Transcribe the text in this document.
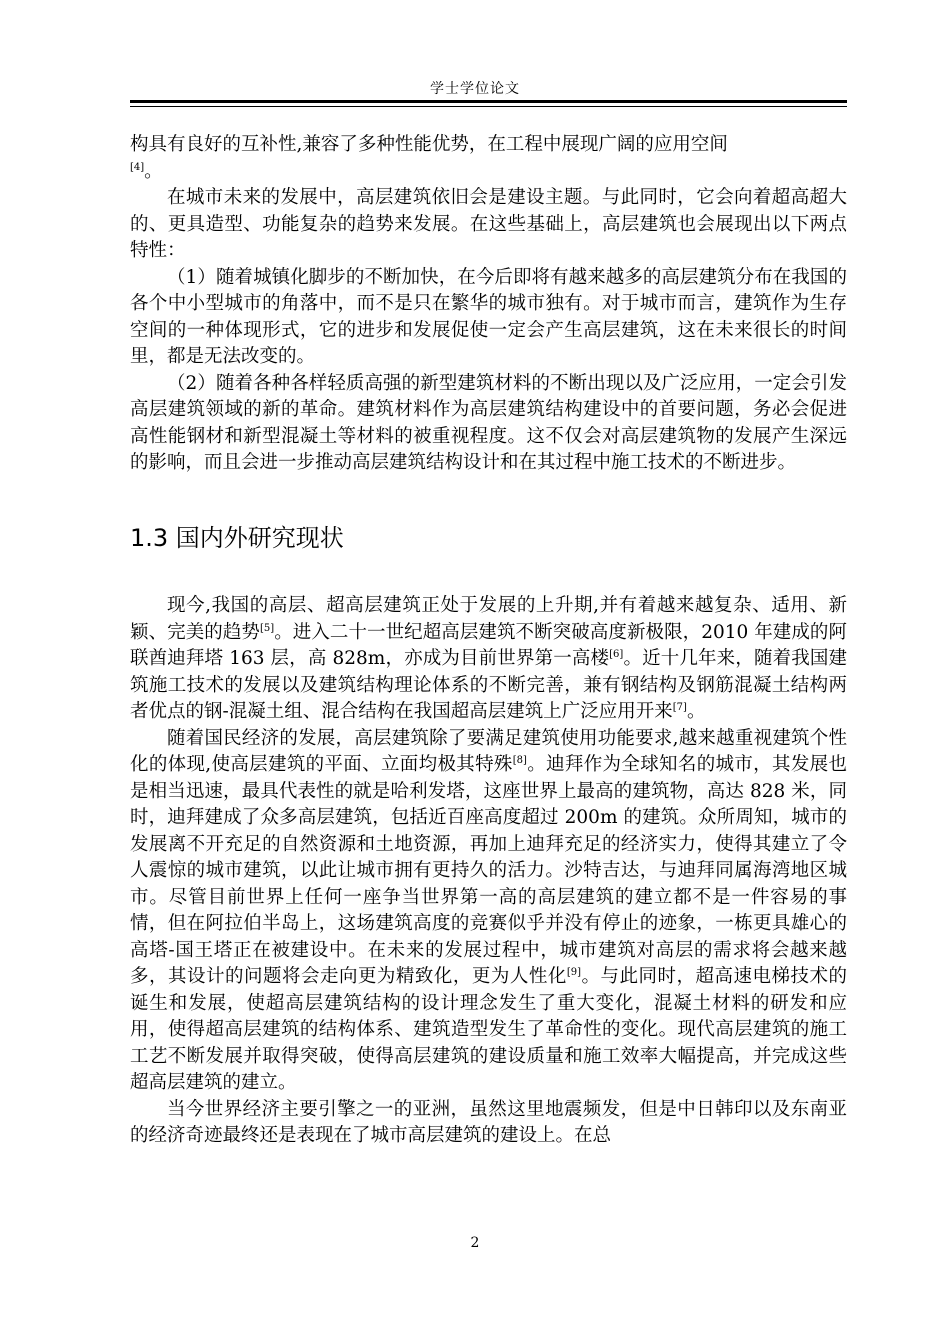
学士学位论文

构具有良好的互补性,兼容了多种性能优势，在工程中展现广阔的应用空间
[4]。

在城市未来的发展中，高层建筑依旧会是建设主题。与此同时，它会向着超高超大的、更具造型、功能复杂的趋势来发展。在这些基础上，高层建筑也会展现出以下两点特性：

（1）随着城镇化脚步的不断加快，在今后即将有越来越多的高层建筑分布在我国的各个中小型城市的角落中，而不是只在繁华的城市独有。对于城市而言，建筑作为生存空间的一种体现形式，它的进步和发展促使一定会产生高层建筑，这在未来很长的时间里，都是无法改变的。

（2）随着各种各样轻质高强的新型建筑材料的不断出现以及广泛应用，一定会引发高层建筑领域的新的革命。建筑材料作为高层建筑结构建设中的首要问题，务必会促进高性能钢材和新型混凝土等材料的被重视程度。这不仅会对高层建筑物的发展产生深远的影响，而且会进一步推动高层建筑结构设计和在其过程中施工技术的不断进步。

1.3 国内外研究现状

现今,我国的高层、超高层建筑正处于发展的上升期,并有着越来越复杂、适用、新颖、完美的趋势[5]。进入二十一世纪超高层建筑不断突破高度新极限，2010 年建成的阿联酋迪拜塔 163 层，高 828m，亦成为目前世界第一高楼[6]。近十几年来，随着我国建筑施工技术的发展以及建筑结构理论体系的不断完善，兼有钢结构及钢筋混凝土结构两者优点的钢-混凝土组、混合结构在我国超高层建筑上广泛应用开来[7]。

随着国民经济的发展，高层建筑除了要满足建筑使用功能要求,越来越重视建筑个性化的体现,使高层建筑的平面、立面均极其特殊[8]。迪拜作为全球知名的城市，其发展也是相当迅速，最具代表性的就是哈利发塔，这座世界上最高的建筑物，高达 828 米，同时，迪拜建成了众多高层建筑，包括近百座高度超过 200m 的建筑。众所周知，城市的发展离不开充足的自然资源和土地资源，再加上迪拜充足的经济实力，使得其建立了令人震惊的城市建筑，以此让城市拥有更持久的活力。沙特吉达，与迪拜同属海湾地区城市。尽管目前世界上任何一座争当世界第一高的高层建筑的建立都不是一件容易的事情，但在阿拉伯半岛上，这场建筑高度的竞赛似乎并没有停止的迹象，一栋更具雄心的高塔-国王塔正在被建设中。在未来的发展过程中，城市建筑对高层的需求将会越来越多，其设计的问题将会走向更为精致化，更为人性化[9]。与此同时，超高速电梯技术的诞生和发展，使超高层建筑结构的设计理念发生了重大变化，混凝土材料的研发和应用，使得超高层建筑的结构体系、建筑造型发生了革命性的变化。现代高层建筑的施工工艺不断发展并取得突破，使得高层建筑的建设质量和施工效率大幅提高，并完成这些超高层建筑的建立。

当今世界经济主要引擎之一的亚洲，虽然这里地震频发，但是中日韩印以及东南亚的经济奇迹最终还是表现在了城市高层建筑的建设上。在总

2
